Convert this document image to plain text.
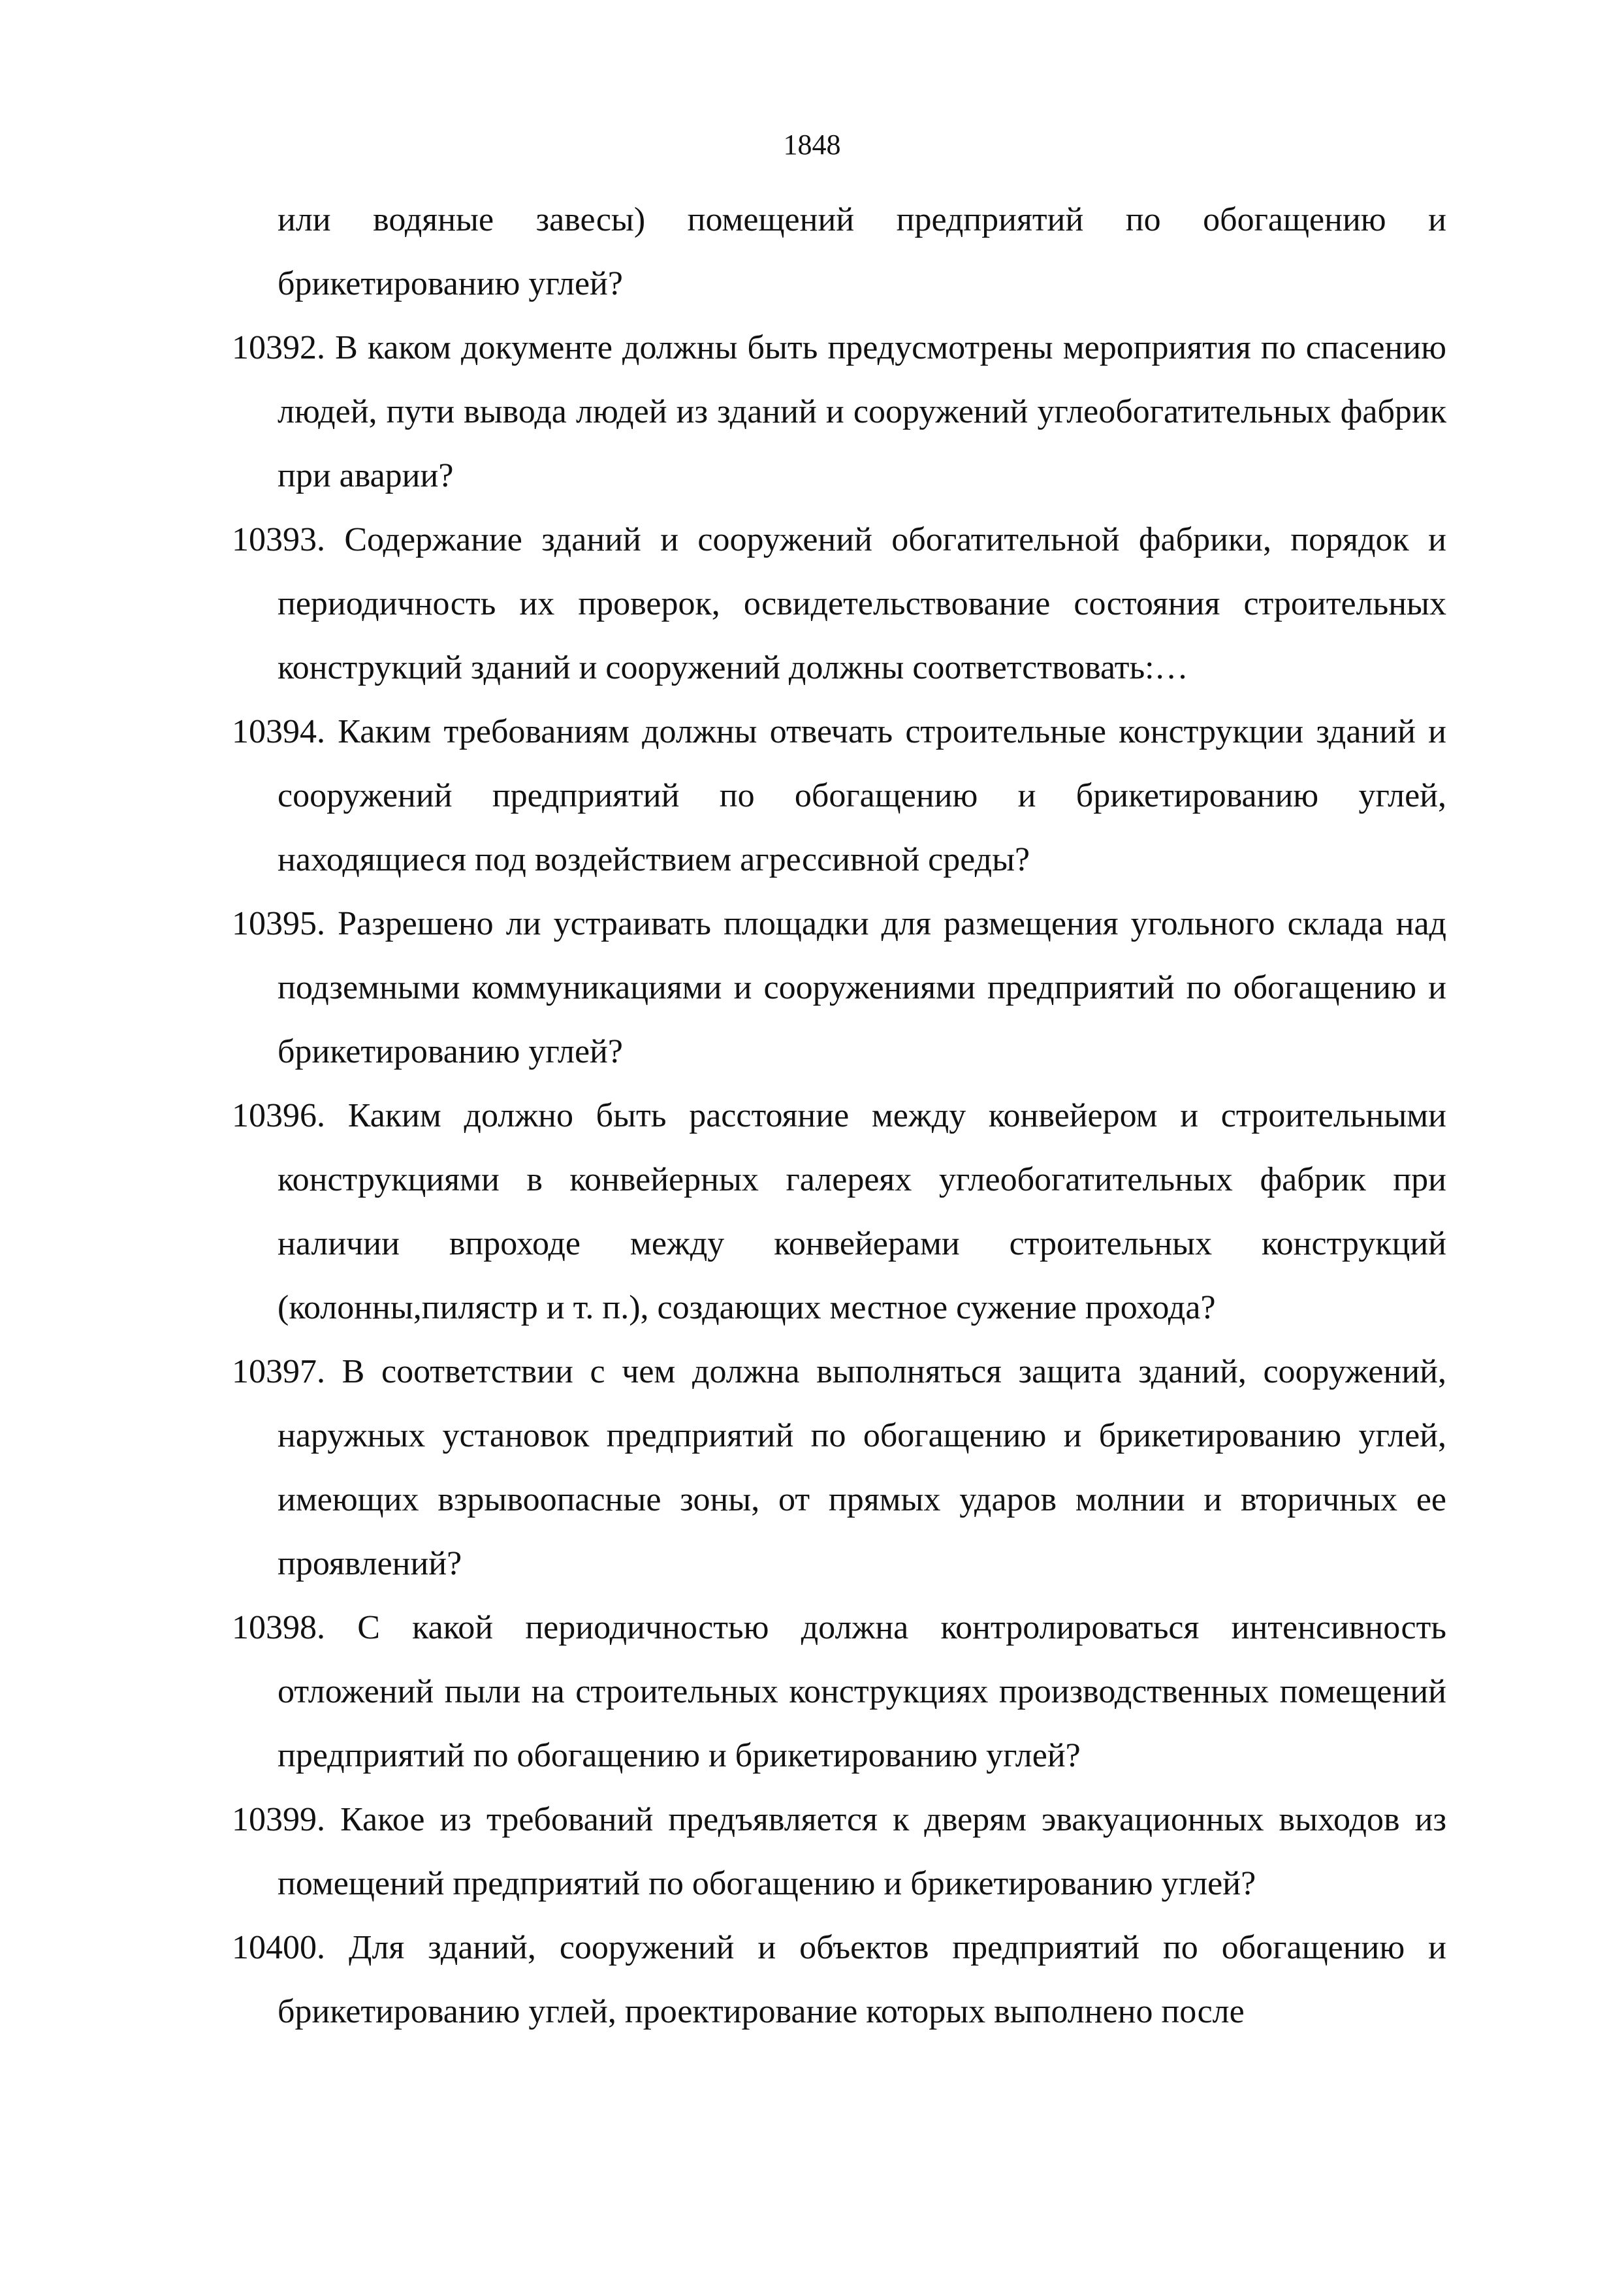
1848
или водяные завесы) помещений предприятий по обогащению и брикетированию углей?
10392. В каком документе должны быть предусмотрены мероприятия по спасению людей, пути вывода людей из зданий и сооружений углеобогатительных фабрик при аварии?
10393. Содержание зданий и сооружений обогатительной фабрики, порядок и периодичность их проверок, освидетельствование состояния строительных конструкций зданий и сооружений должны соответствовать:…
10394. Каким требованиям должны отвечать строительные конструкции зданий и сооружений предприятий по обогащению и брикетированию углей, находящиеся под воздействием агрессивной среды?
10395. Разрешено ли устраивать площадки для размещения угольного склада над подземными коммуникациями и сооружениями предприятий по обогащению и брикетированию углей?
10396. Каким должно быть расстояние между конвейером и строительными конструкциями в конвейерных галереях углеобогатительных фабрик при наличии впроходе между конвейерами строительных конструкций (колонны,пилястр и т. п.), создающих местное сужение прохода?
10397. В соответствии с чем должна выполняться защита зданий, сооружений, наружных установок предприятий по обогащению и брикетированию углей, имеющих взрывоопасные зоны, от прямых ударов молнии и вторичных ее проявлений?
10398. С какой периодичностью должна контролироваться интенсивность отложений пыли на строительных конструкциях производственных помещений предприятий по обогащению и брикетированию углей?
10399. Какое из требований предъявляется к дверям эвакуационных выходов из помещений предприятий по обогащению и брикетированию углей?
10400. Для зданий, сооружений и объектов предприятий по обогащению и брикетированию углей, проектирование которых выполнено после
